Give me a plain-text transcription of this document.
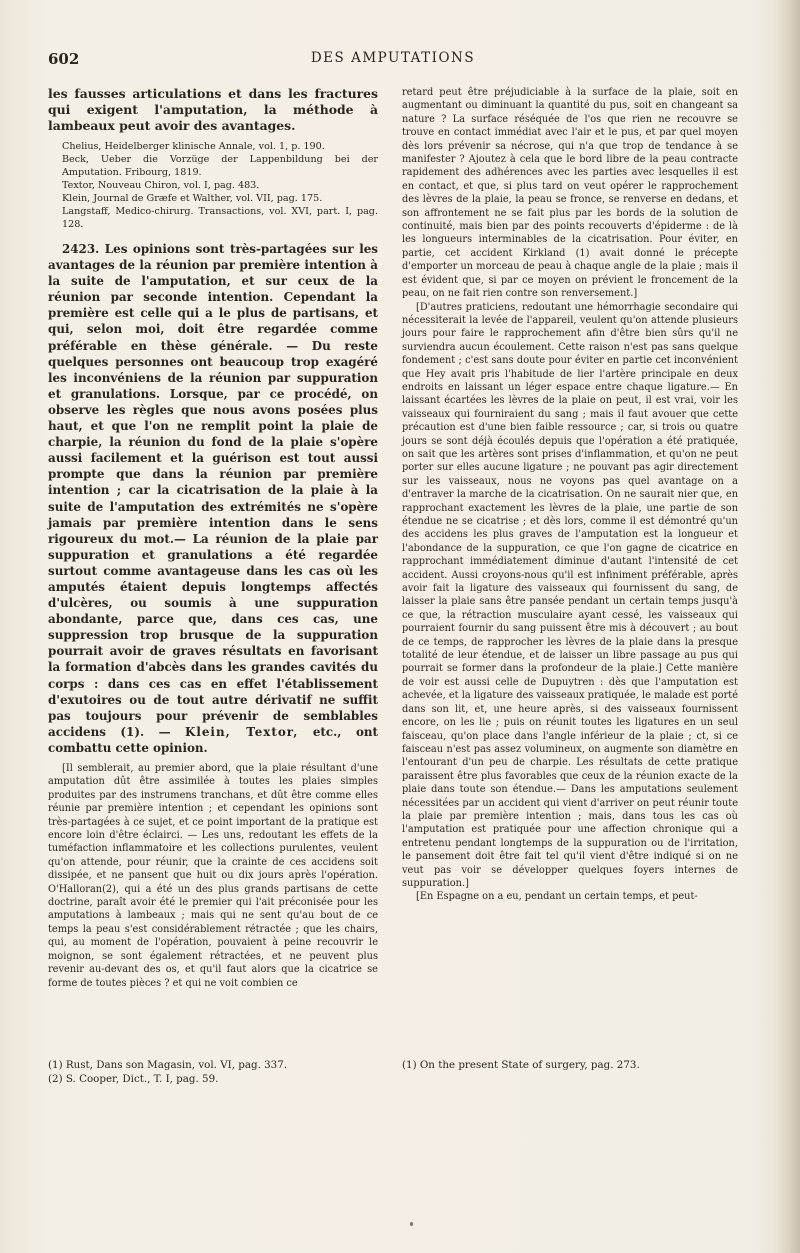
DES AMPUTATIONS
602

les fausses articulations et dans les fractures qui exigent l'amputation, la méthode à lambeaux peut avoir des avantages.

Chelius, Heidelberger klinische Annale, vol. 1, p. 190.

Beck, Ueber die Vorzüge der Lappenbildung bei der Amputation. Fribourg, 1819.

Textor, Nouveau Chiron, vol. I, pag. 483.

Klein, Journal de Græfe et Walther, vol. VII, pag. 175.

Langstaff, Medico-chirurg. Transactions, vol. XVI, part. I, pag. 128.

2423. Les opinions sont très-partagées sur les avantages de la réunion par première intention à la suite de l'amputation, et sur ceux de la réunion par seconde intention. Cependant la première est celle qui a le plus de partisans, et qui, selon moi, doit être regardée comme préférable en thèse générale. — Du reste quelques personnes ont beaucoup trop exagéré les inconvéniens de la réunion par suppuration et granulations. Lorsque, par ce procédé, on observe les règles que nous avons posées plus haut, et que l'on ne remplit point la plaie de charpie, la réunion du fond de la plaie s'opère aussi facilement et la guérison est tout aussi prompte que dans la réunion par première intention ; car la cicatrisation de la plaie à la suite de l'amputation des extrémités ne s'opère jamais par première intention dans le sens rigoureux du mot.— La réunion de la plaie par suppuration et granulations a été regardée surtout comme avantageuse dans les cas où les amputés étaient depuis longtemps affectés d'ulcères, ou soumis à une suppuration abondante, parce que, dans ces cas, une suppression trop brusque de la suppuration pourrait avoir de graves résultats en favorisant la formation d'abcès dans les grandes cavités du corps : dans ces cas en effet l'établissement d'exutoires ou de tout autre dérivatif ne suffit pas toujours pour prévenir de semblables accidens (1). — Klein, Textor, etc., ont combattu cette opinion.

[Il semblerait, au premier abord, que la plaie résultant d'une amputation dût être assimilée à toutes les plaies simples produites par des instrumens tranchans, et dût être comme elles réunie par première intention ; et cependant les opinions sont très-partagées à ce sujet, et ce point important de la pratique est encore loin d'être éclairci. — Les uns, redoutant les effets de la tuméfaction inflammatoire et les collections purulentes, veulent qu'on attende, pour réunir, que la crainte de ces accidens soit dissipée, et ne pansent que huit ou dix jours après l'opération. O'Halloran(2), qui a été un des plus grands partisans de cette doctrine, paraît avoir été le premier qui l'ait préconisée pour les amputations à lambeaux ; mais qui ne sent qu'au bout de ce temps la peau s'est considérablement rétractée ; que les chairs, qui, au moment de l'opération, pouvaient à peine recouvrir le moignon, se sont également rétractées, et ne peuvent plus revenir au-devant des os, et qu'il faut alors que la cicatrice se forme de toutes pièces ? et qui ne voit combien ce

retard peut être préjudiciable à la surface de la plaie, soit en augmentant ou diminuant la quantité du pus, soit en changeant sa nature ? La surface réséquée de l'os que rien ne recouvre se trouve en contact immédiat avec l'air et le pus, et par quel moyen dès lors prévenir sa nécrose, qui n'a que trop de tendance à se manifester ? Ajoutez à cela que le bord libre de la peau contracte rapidement des adhérences avec les parties avec lesquelles il est en contact, et que, si plus tard on veut opérer le rapprochement des lèvres de la plaie, la peau se fronce, se renverse en dedans, et son affrontement ne se fait plus par les bords de la solution de continuité, mais bien par des points recouverts d'épiderme : de là les longueurs interminables de la cicatrisation. Pour éviter, en partie, cet accident Kirkland (1) avait donné le précepte d'emporter un morceau de peau à chaque angle de la plaie ; mais il est évident que, si par ce moyen on prévient le froncement de la peau, on ne fait rien contre son renversement.]

[D'autres praticiens, redoutant une hémorrhagie secondaire qui nécessiterait la levée de l'appareil, veulent qu'on attende plusieurs jours pour faire le rapprochement afin d'être bien sûrs qu'il ne surviendra aucun écoulement. Cette raison n'est pas sans quelque fondement ; c'est sans doute pour éviter en partie cet inconvénient que Hey avait pris l'habitude de lier l'artère principale en deux endroits en laissant un léger espace entre chaque ligature.— En laissant écartées les lèvres de la plaie on peut, il est vrai, voir les vaisseaux qui fourniraient du sang ; mais il faut avouer que cette précaution est d'une bien faible ressource ; car, si trois ou quatre jours se sont déjà écoulés depuis que l'opération a été pratiquée, on sait que les artères sont prises d'inflammation, et qu'on ne peut porter sur elles aucune ligature ; ne pouvant pas agir directement sur les vaisseaux, nous ne voyons pas quel avantage on a d'entraver la marche de la cicatrisation. On ne saurait nier que, en rapprochant exactement les lèvres de la plaie, une partie de son étendue ne se cicatrise ; et dès lors, comme il est démontré qu'un des accidens les plus graves de l'amputation est la longueur et l'abondance de la suppuration, ce que l'on gagne de cicatrice en rapprochant immédiatement diminue d'autant l'intensité de cet accident. Aussi croyons-nous qu'il est infiniment préférable, après avoir fait la ligature des vaisseaux qui fournissent du sang, de laisser la plaie sans être pansée pendant un certain temps jusqu'à ce que, la rétraction musculaire ayant cessé, les vaisseaux qui pourraient fournir du sang puissent être mis à découvert ; au bout de ce temps, de rapprocher les lèvres de la plaie dans la presque totalité de leur étendue, et de laisser un libre passage au pus qui pourrait se former dans la profondeur de la plaie.] Cette manière de voir est aussi celle de Dupuytren : dès que l'amputation est achevée, et la ligature des vaisseaux pratiquée, le malade est porté dans son lit, et, une heure après, si des vaisseaux fournissent encore, on les lie ; puis on réunit toutes les ligatures en un seul faisceau, qu'on place dans l'angle inférieur de la plaie ; ct, si ce faisceau n'est pas assez volumineux, on augmente son diamètre en l'entourant d'un peu de charpie. Les résultats de cette pratique paraissent être plus favorables que ceux de la réunion exacte de la plaie dans toute son étendue.— Dans les amputations seulement nécessitées par un accident qui vient d'arriver on peut réunir toute la plaie par première intention ; mais, dans tous les cas où l'amputation est pratiquée pour une affection chronique qui a entretenu pendant longtemps de la suppuration ou de l'irritation, le pansement doit être fait tel qu'il vient d'être indiqué si on ne veut pas voir se développer quelques foyers internes de suppuration.]

[En Espagne on a eu, pendant un certain temps, et peut-

(1) Rust, Dans son Magasin, vol. VI, pag. 337.

(2) S. Cooper, Dict., T. I, pag. 59.

(1) On the present State of surgery, pag. 273.
